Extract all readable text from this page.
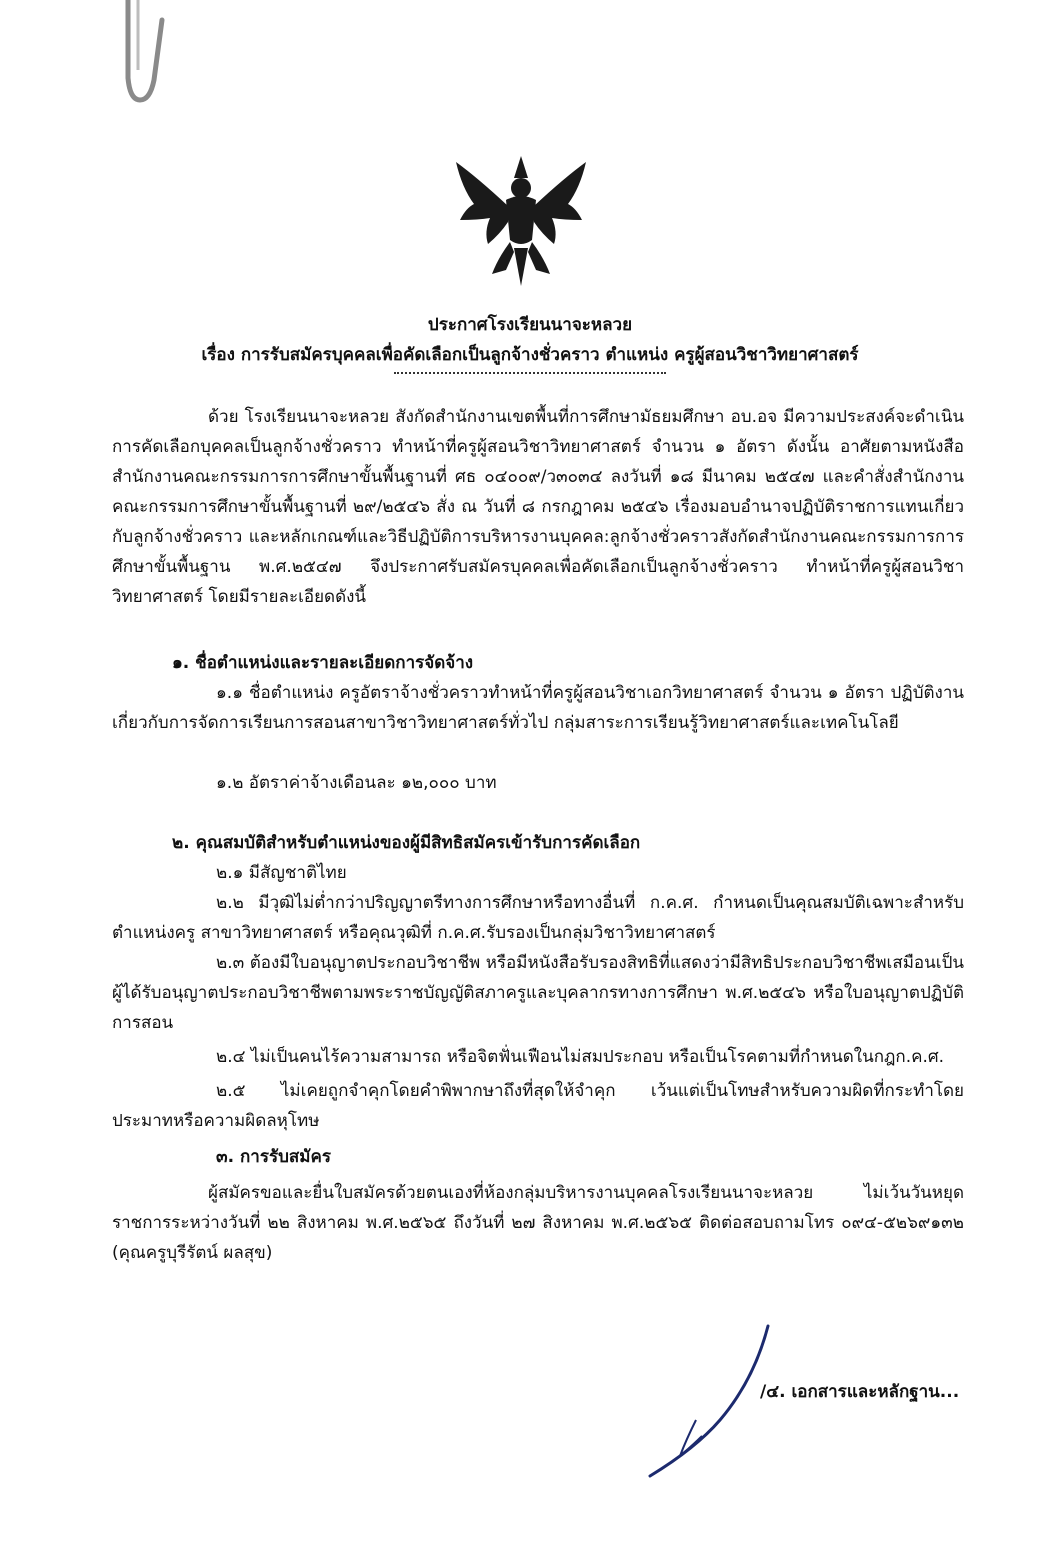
ประกาศโรงเรียนนาจะหลวย
เรื่อง การรับสมัครบุคคลเพื่อคัดเลือกเป็นลูกจ้างชั่วคราว ตำแหน่ง ครูผู้สอนวิชาวิทยาศาสตร์
ด้วย โรงเรียนนาจะหลวย สังกัดสำนักงานเขตพื้นที่การศึกษามัธยมศึกษา อบ.อจ มีความประสงค์จะดำเนินการคัดเลือกบุคคลเป็นลูกจ้างชั่วคราว ทำหน้าที่ครูผู้สอนวิชาวิทยาศาสตร์ จำนวน ๑ อัตรา ดังนั้น อาศัยตามหนังสือสำนักงานคณะกรรมการการศึกษาขั้นพื้นฐานที่ ศธ ๐๔๐๐๙/ว๓๐๓๔ ลงวันที่ ๑๘ มีนาคม ๒๕๔๗ และคำสั่งสำนักงานคณะกรรมการศึกษาขั้นพื้นฐานที่ ๒๙/๒๕๔๖ สั่ง ณ วันที่ ๘ กรกฎาคม ๒๕๔๖ เรื่องมอบอำนาจปฏิบัติราชการแทนเกี่ยวกับลูกจ้างชั่วคราว และหลักเกณฑ์และวิธีปฏิบัติการบริหารงานบุคคล:ลูกจ้างชั่วคราวสังกัดสำนักงานคณะกรรมการการศึกษาขั้นพื้นฐาน พ.ศ.๒๕๔๗ จึงประกาศรับสมัครบุคคลเพื่อคัดเลือกเป็นลูกจ้างชั่วคราว ทำหน้าที่ครูผู้สอนวิชาวิทยาศาสตร์ โดยมีรายละเอียดดังนี้
๑. ชื่อตำแหน่งและรายละเอียดการจัดจ้าง
๑.๑ ชื่อตำแหน่ง ครูอัตราจ้างชั่วคราวทำหน้าที่ครูผู้สอนวิชาเอกวิทยาศาสตร์ จำนวน ๑ อัตรา ปฏิบัติงานเกี่ยวกับการจัดการเรียนการสอนสาขาวิชาวิทยาศาสตร์ทั่วไป กลุ่มสาระการเรียนรู้วิทยาศาสตร์และเทคโนโลยี
๑.๒ อัตราค่าจ้างเดือนละ ๑๒,๐๐๐ บาท
๒. คุณสมบัติสำหรับตำแหน่งของผู้มีสิทธิสมัครเข้ารับการคัดเลือก
๒.๑ มีสัญชาติไทย
๒.๒ มีวุฒิไม่ต่ำกว่าปริญญาตรีทางการศึกษาหรือทางอื่นที่ ก.ค.ศ. กำหนดเป็นคุณสมบัติเฉพาะสำหรับตำแหน่งครู สาขาวิทยาศาสตร์ หรือคุณวุฒิที่ ก.ค.ศ.รับรองเป็นกลุ่มวิชาวิทยาศาสตร์
๒.๓ ต้องมีใบอนุญาตประกอบวิชาชีพ หรือมีหนังสือรับรองสิทธิที่แสดงว่ามีสิทธิประกอบวิชาชีพเสมือนเป็นผู้ได้รับอนุญาตประกอบวิชาชีพตามพระราชบัญญัติสภาครูและบุคลากรทางการศึกษา พ.ศ.๒๕๔๖ หรือใบอนุญาตปฏิบัติการสอน
๒.๔ ไม่เป็นคนไร้ความสามารถ หรือจิตฟั่นเฟือนไม่สมประกอบ หรือเป็นโรคตามที่กำหนดในกฎก.ค.ศ.
๒.๕ ไม่เคยถูกจำคุกโดยคำพิพากษาถึงที่สุดให้จำคุก เว้นแต่เป็นโทษสำหรับความผิดที่กระทำโดยประมาทหรือความผิดลหุโทษ
๓. การรับสมัคร
ผู้สมัครขอและยื่นใบสมัครด้วยตนเองที่ห้องกลุ่มบริหารงานบุคคลโรงเรียนนาจะหลวย ไม่เว้นวันหยุดราชการระหว่างวันที่ ๒๒ สิงหาคม พ.ศ.๒๕๖๕ ถึงวันที่ ๒๗ สิงหาคม พ.ศ.๒๕๖๕ ติดต่อสอบถามโทร ๐๙๔-๕๒๖๙๑๓๒ (คุณครูบุรีรัตน์ ผลสุข)
/๔. เอกสารและหลักฐาน...
